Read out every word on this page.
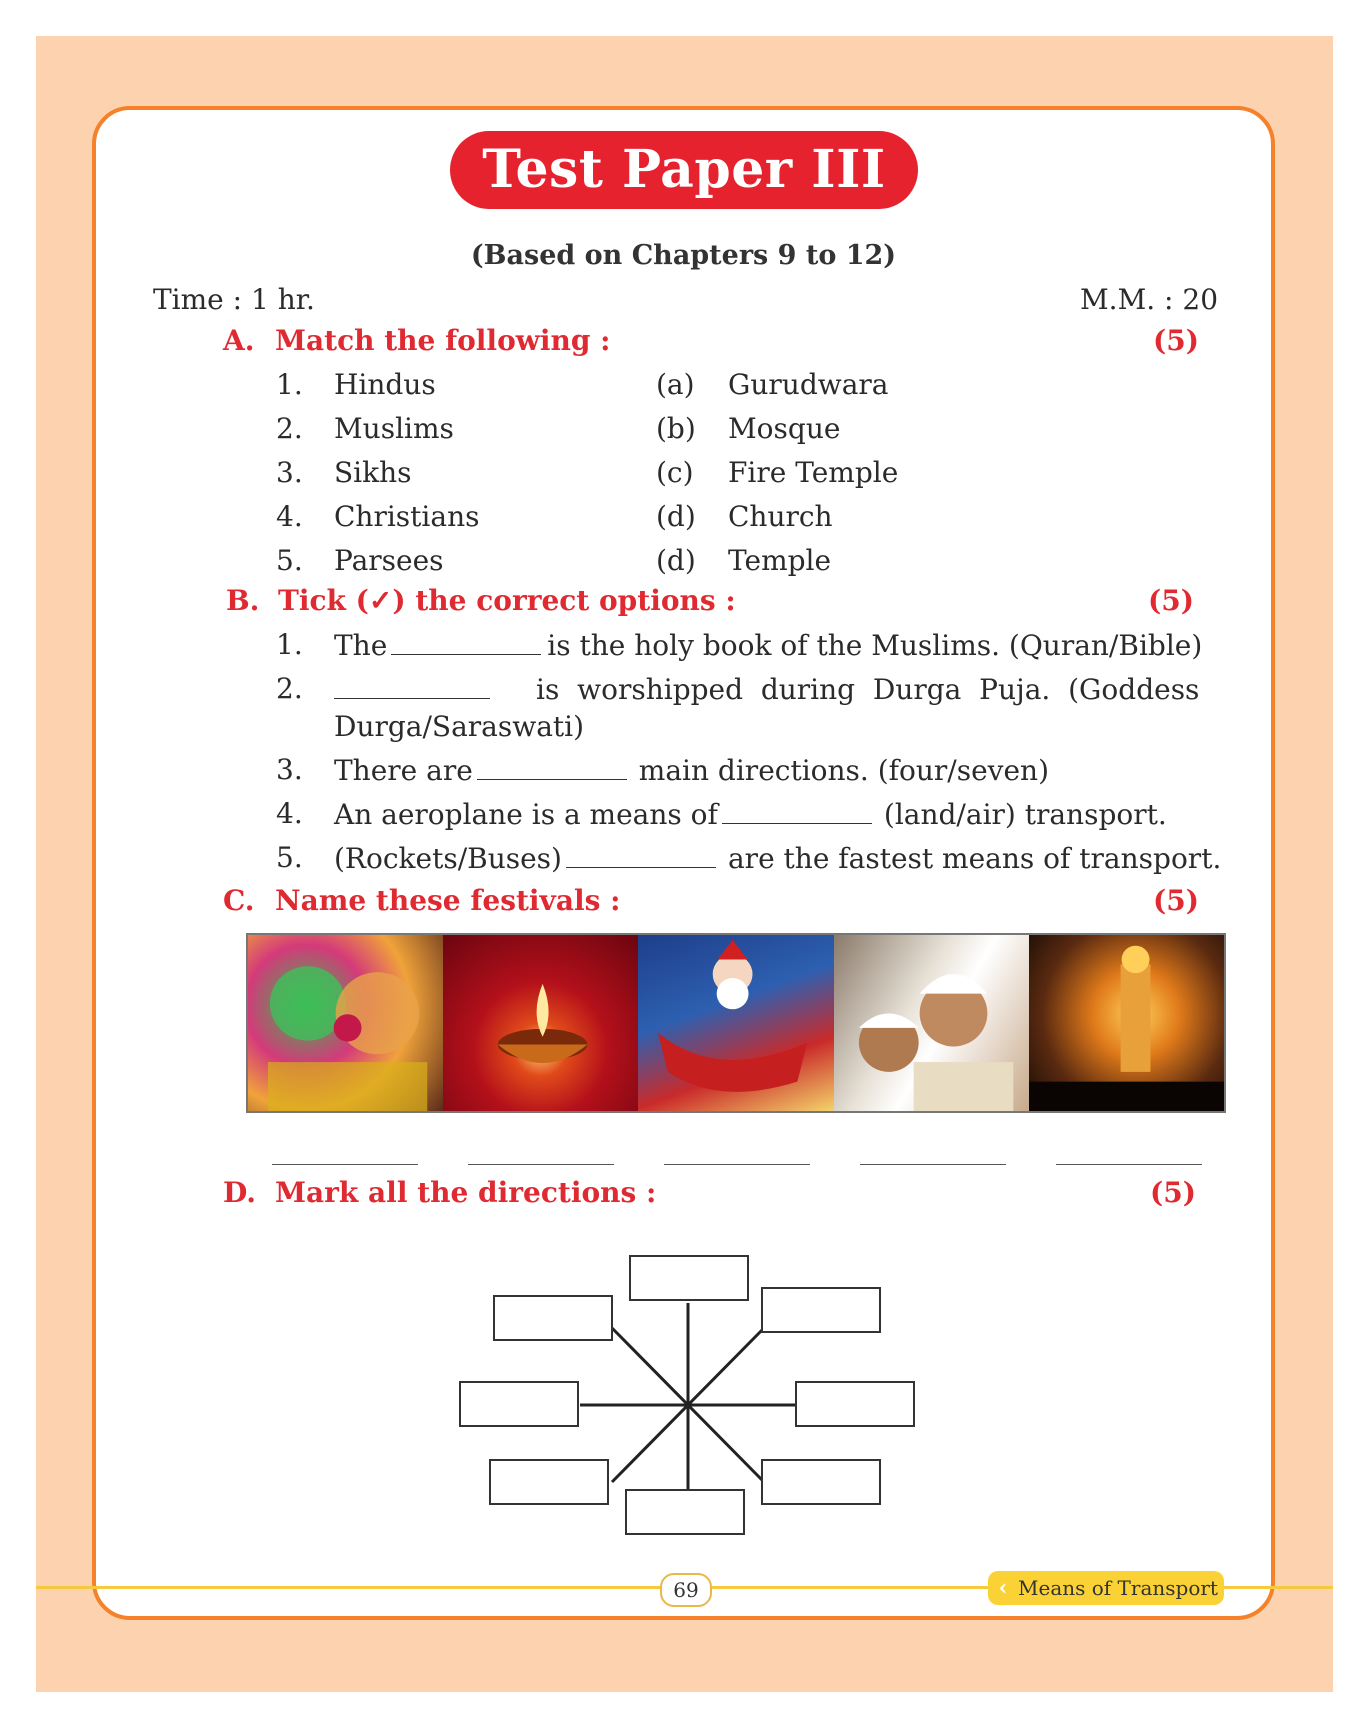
Test Paper III
(Based on Chapters 9 to 12)
Time : 1 hr.	M.M. : 20
A. Match the following :	(5)
1. Hindus	(a) Gurudwara
2. Muslims	(b) Mosque
3. Sikhs	(c) Fire Temple
4. Christians	(d) Church
5. Parsees	(d) Temple
B. Tick (✓) the correct options :	(5)
1. The	is the holy book of the Muslims. (Quran/Bible)
2.	is  worshipped  during  Durga  Puja.  (Goddess
Durga/Saraswati)
3. There are	main directions. (four/seven)
4. An aeroplane is a means of	(land/air) transport.
5. (Rockets/Buses)	are the fastest means of transport.
C. Name these festivals :	(5)
D. Mark all the directions :	(5)
69	‹ Means of Transport
